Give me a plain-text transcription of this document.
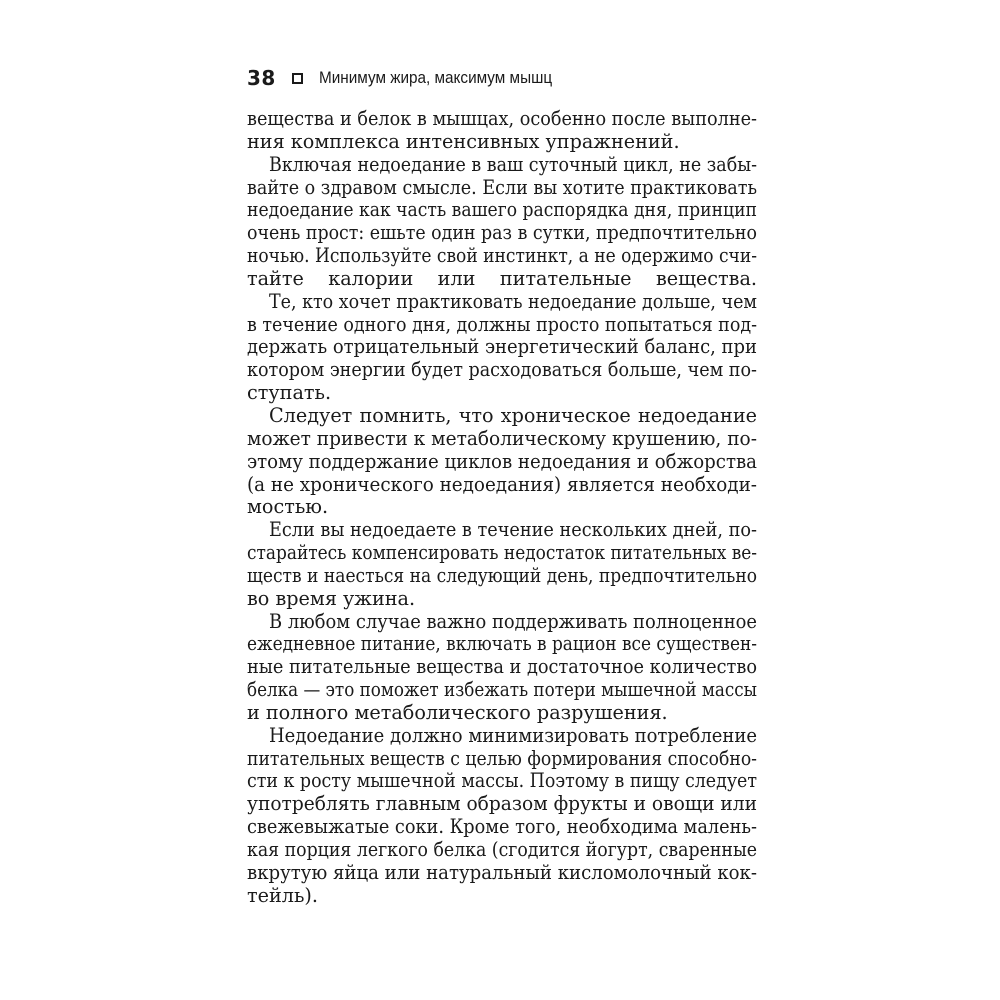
38	Минимум жира, максимум мышц
вещества и белок в мышцах, особенно после выполне-
ния комплекса интенсивных упражнений.
Включая недоедание в ваш суточный цикл, не забы-
вайте о здравом смысле. Если вы хотите практиковать
недоедание как часть вашего распорядка дня, принцип
очень прост: ешьте один раз в сутки, предпочтительно
ночью. Используйте свой инстинкт, а не одержимо счи-
тайте калории или питательные вещества.
Те, кто хочет практиковать недоедание дольше, чем
в течение одного дня, должны просто попытаться под-
держать отрицательный энергетический баланс, при
котором энергии будет расходоваться больше, чем по-
ступать.
Следует помнить, что хроническое недоедание
может привести к метаболическому крушению, по-
этому поддержание циклов недоедания и обжорства
(а не хронического недоедания) является необходи-
мостью.
Если вы недоедаете в течение нескольких дней, по-
старайтесь компенсировать недостаток питательных ве-
ществ и наесться на следующий день, предпочтительно
во время ужина.
В любом случае важно поддерживать полноценное
ежедневное питание, включать в рацион все существен-
ные питательные вещества и достаточное количество
белка — это поможет избежать потери мышечной массы
и полного метаболического разрушения.
Недоедание должно минимизировать потребление
питательных веществ с целью формирования способно-
сти к росту мышечной массы. Поэтому в пищу следует
употреблять главным образом фрукты и овощи или
свежевыжатые соки. Кроме того, необходима малень-
кая порция легкого белка (сгодится йогурт, сваренные
вкрутую яйца или натуральный кисломолочный кок-
тейль).
